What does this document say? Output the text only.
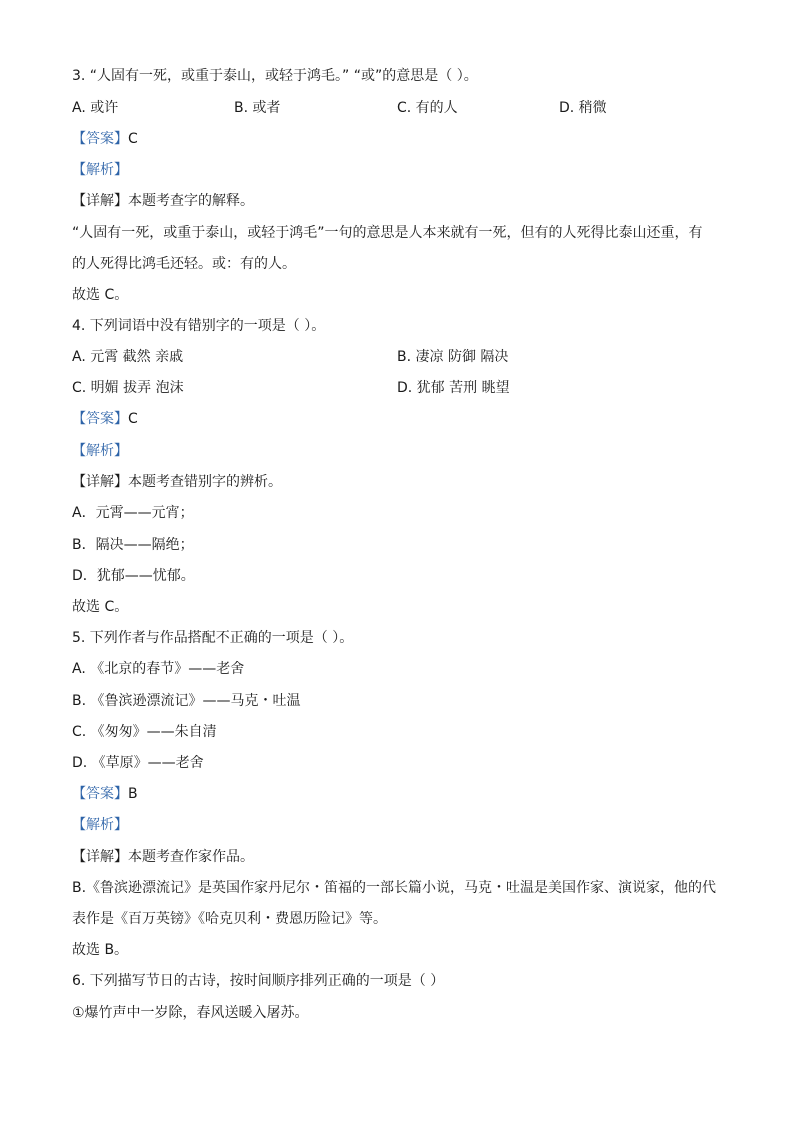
3. “人固有一死，或重于泰山，或轻于鸿毛。” “或”的意思是（ ）。
A. 或许	B. 或者	C. 有的人	D. 稍微
【答案】C
【解析】
【详解】本题考查字的解释。
“人固有一死，或重于泰山，或轻于鸿毛”一句的意思是人本来就有一死，但有的人死得比泰山还重，有
的人死得比鸿毛还轻。或：有的人。
故选 C。
4. 下列词语中没有错别字的一项是（ ）。
A. 元霄 截然 亲戚	B. 凄凉 防御 隔决
C. 明媚 拔弄 泡沫	D. 犹郁 苦刑 眺望
【答案】C
【解析】
【详解】本题考查错别字的辨析。
A．元霄——元宵；
B．隔决——隔绝；
D．犹郁——忧郁。
故选 C。
5. 下列作者与作品搭配不正确的一项是（ ）。
A. 《北京的春节》——老舍
B. 《鲁滨逊漂流记》——马克・吐温
C. 《匆匆》——朱自清
D. 《草原》——老舍
【答案】B
【解析】
【详解】本题考查作家作品。
B.《鲁滨逊漂流记》是英国作家丹尼尔・笛福的一部长篇小说，马克・吐温是美国作家、演说家，他的代
表作是《百万英镑》《哈克贝利・费恩历险记》等。
故选 B。
6. 下列描写节日的古诗，按时间顺序排列正确的一项是（ ）
①爆竹声中一岁除，春风送暖入屠苏。
